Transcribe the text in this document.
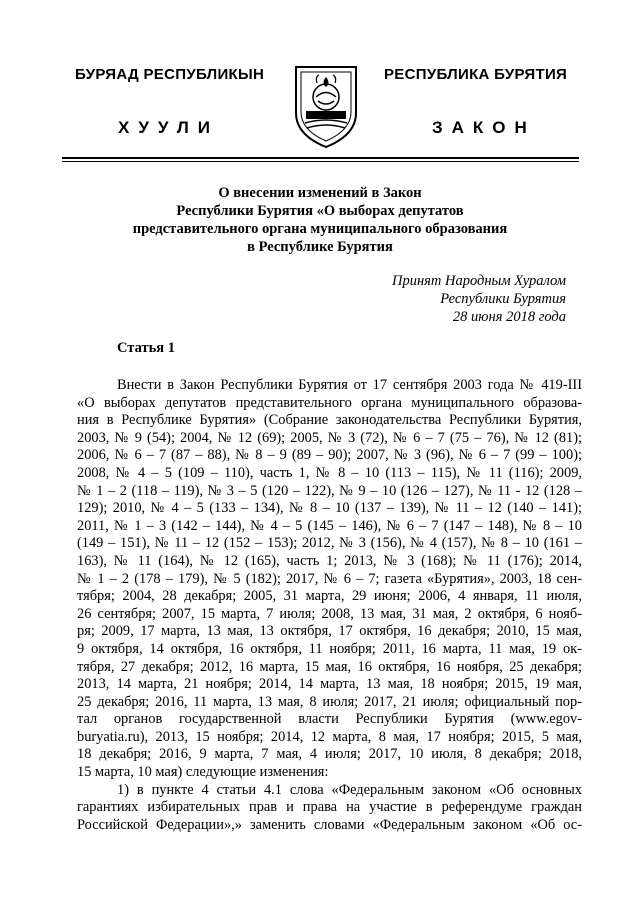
БУРЯАД РЕСПУБЛИКЫН	РЕСПУБЛИКА БУРЯТИЯ
ХУУЛИ	ЗАКОН
О внесении изменений в Закон
Республики Бурятия «О выборах депутатов
представительного органа муниципального образования
в Республике Бурятия
Принят Народным Хуралом
Республики Бурятия
28 июня 2018 года
Статья 1
Внести в Закон Республики Бурятия от 17 сентября 2003 года № 419-III
«О выборах депутатов представительного органа муниципального образова-
ния в Республике Бурятия» (Собрание законодательства Республики Бурятия,
2003, № 9 (54); 2004, № 12 (69); 2005, № 3 (72), № 6 – 7 (75 – 76), № 12 (81);
2006, № 6 – 7 (87 – 88), № 8 – 9 (89 – 90); 2007, № 3 (96), № 6 – 7 (99 – 100);
2008, № 4 – 5 (109 – 110), часть 1, № 8 – 10 (113 – 115), № 11 (116); 2009,
№ 1 – 2 (118 – 119), № 3 – 5 (120 – 122), № 9 – 10 (126 – 127), № 11 - 12 (128 –
129); 2010, № 4 – 5 (133 – 134), № 8 – 10 (137 – 139), № 11 – 12 (140 – 141);
2011, № 1 – 3 (142 – 144), № 4 – 5 (145 – 146), № 6 – 7 (147 – 148), № 8 – 10
(149 – 151), № 11 – 12 (152 – 153); 2012, № 3 (156), № 4 (157), № 8 – 10 (161 –
163), № 11 (164), № 12 (165), часть 1; 2013, № 3 (168); № 11 (176); 2014,
№ 1 – 2 (178 – 179), № 5 (182); 2017, № 6 – 7; газета «Бурятия», 2003, 18 сен-
тября; 2004, 28 декабря; 2005, 31 марта, 29 июня; 2006, 4 января, 11 июля,
26 сентября; 2007, 15 марта, 7 июля; 2008, 13 мая, 31 мая, 2 октября, 6 нояб-
ря; 2009, 17 марта, 13 мая, 13 октября, 17 октября, 16 декабря; 2010, 15 мая,
9 октября, 14 октября, 16 октября, 11 ноября; 2011, 16 марта, 11 мая, 19 ок-
тября, 27 декабря; 2012, 16 марта, 15 мая, 16 октября, 16 ноября, 25 декабря;
2013, 14 марта, 21 ноября; 2014, 14 марта, 13 мая, 18 ноября; 2015, 19 мая,
25 декабря; 2016, 11 марта, 13 мая, 8 июля; 2017, 21 июля; официальный пор-
тал органов государственной власти Республики Бурятия (www.egov-
buryatia.ru), 2013, 15 ноября; 2014, 12 марта, 8 мая, 17 ноября; 2015, 5 мая,
18 декабря; 2016, 9 марта, 7 мая, 4 июля; 2017, 10 июля, 8 декабря; 2018,
15 марта, 10 мая) следующие изменения:
1) в пункте 4 статьи 4.1 слова «Федеральным законом «Об основных
гарантиях избирательных прав и права на участие в референдуме граждан
Российской Федерации»,» заменить словами «Федеральным законом «Об ос-
